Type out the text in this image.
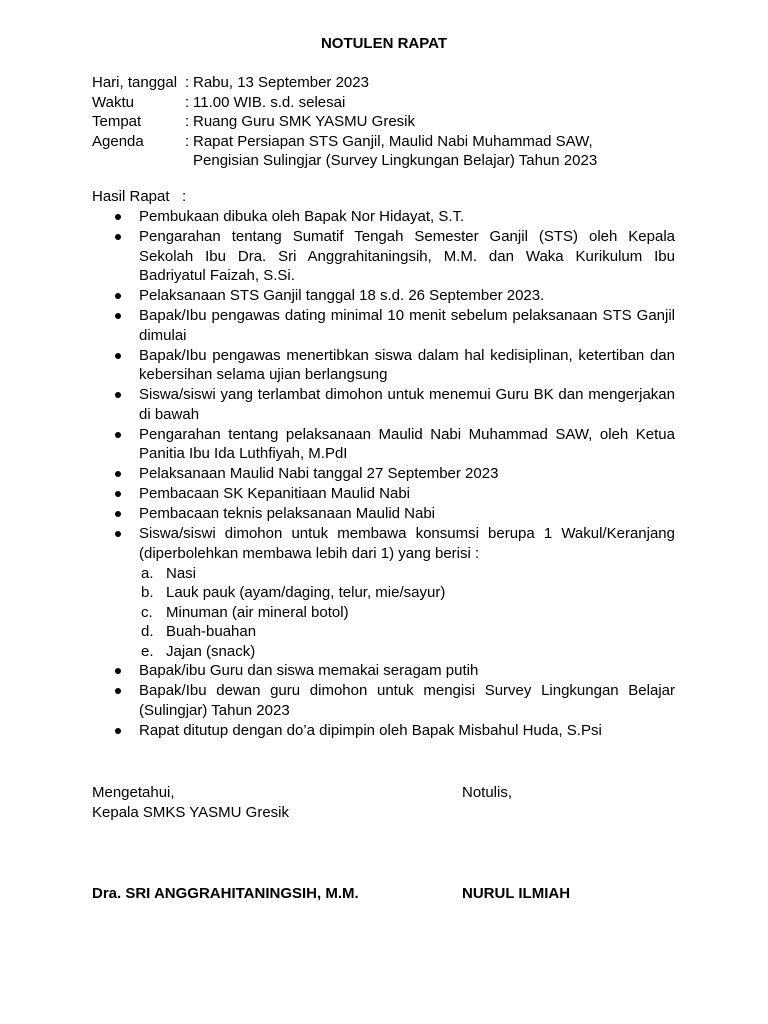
NOTULEN RAPAT
Hari, tanggal : Rabu, 13 September 2023
Waktu	: 11.00 WIB. s.d. selesai
Tempat	: Ruang Guru SMK YASMU Gresik
Agenda	: Rapat Persiapan STS Ganjil, Maulid Nabi Muhammad SAW,
Pengisian Sulingjar (Survey Lingkungan Belajar) Tahun 2023
Hasil Rapat   :
Pembukaan dibuka oleh Bapak Nor Hidayat, S.T.
Pengarahan tentang Sumatif Tengah Semester Ganjil (STS) oleh Kepala Sekolah Ibu Dra. Sri Anggrahitaningsih, M.M. dan Waka Kurikulum Ibu Badriyatul Faizah, S.Si.
Pelaksanaan STS Ganjil tanggal 18 s.d. 26 September 2023.
Bapak/Ibu pengawas dating minimal 10 menit sebelum pelaksanaan STS Ganjil dimulai
Bapak/Ibu pengawas menertibkan siswa dalam hal kedisiplinan, ketertiban dan kebersihan selama ujian berlangsung
Siswa/siswi yang terlambat dimohon untuk menemui Guru BK dan mengerjakan di bawah
Pengarahan tentang pelaksanaan Maulid Nabi Muhammad SAW, oleh Ketua Panitia Ibu Ida Luthfiyah, M.PdI
Pelaksanaan Maulid Nabi tanggal 27 September 2023
Pembacaan SK Kepanitiaan Maulid Nabi
Pembacaan teknis pelaksanaan Maulid Nabi
Siswa/siswi dimohon untuk membawa konsumsi berupa 1 Wakul/Keranjang (diperbolehkan membawa lebih dari 1) yang berisi :
a. Nasi
b. Lauk pauk (ayam/daging, telur, mie/sayur)
c. Minuman (air mineral botol)
d. Buah-buahan
e. Jajan (snack)
Bapak/ibu Guru dan siswa memakai seragam putih
Bapak/Ibu dewan guru dimohon untuk mengisi Survey Lingkungan Belajar (Sulingjar) Tahun 2023
Rapat ditutup dengan do’a dipimpin oleh Bapak Misbahul Huda, S.Psi
Mengetahui,
Kepala SMKS YASMU Gresik
Notulis,
Dra. SRI ANGGRAHITANINGSIH, M.M.	NURUL ILMIAH
